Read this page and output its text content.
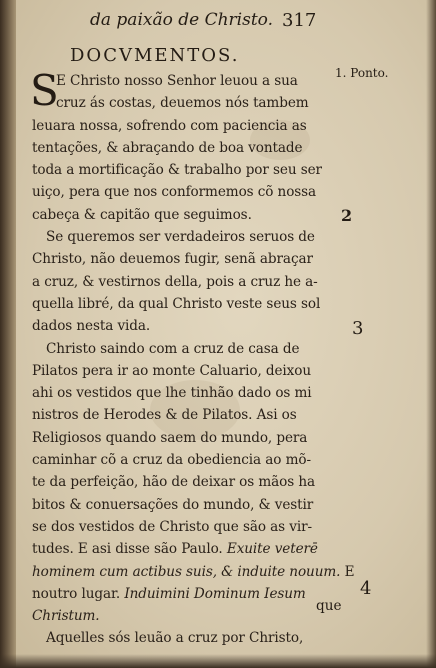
da paixão de Christo. 317
DOCVMENTOS.
S
E Christo nosso Senhor leuou a sua
cruz ás costas, deuemos nós tambem
leuara nossa, sofrendo com paciencia as
tentações, & abraçando de boa vontade
toda a mortificação & trabalho por seu ser
uiço, pera que nos conformemos cõ nossa
cabeça & capitão que seguimos.
Se queremos ser verdadeiros seruos de
Christo, não deuemos fugir, senã abraçar
a cruz, & vestirnos della, pois a cruz he a-
quella libré, da qual Christo veste seus sol
dados nesta vida.
Christo saindo com a cruz de casa de
Pilatos pera ir ao monte Caluario, deixou
ahi os vestidos que lhe tinhão dado os mi
nistros de Herodes & de Pilatos. Asi os
Religiosos quando saem do mundo, pera
caminhar cõ a cruz da obediencia ao mõ-
te da perfeição, hão de deixar os mãos ha
bitos & conuersações do mundo, & vestir
se dos vestidos de Christo que são as vir-
tudes. E asi disse são Paulo. Exuite veterē
hominem cum actibus suis, & induite nouum. E
noutro lugar. Induimini Dominum Iesum
Christum.
Aquelles sós leuão a cruz por Christo,
1. Ponto.
2
3
4
que
